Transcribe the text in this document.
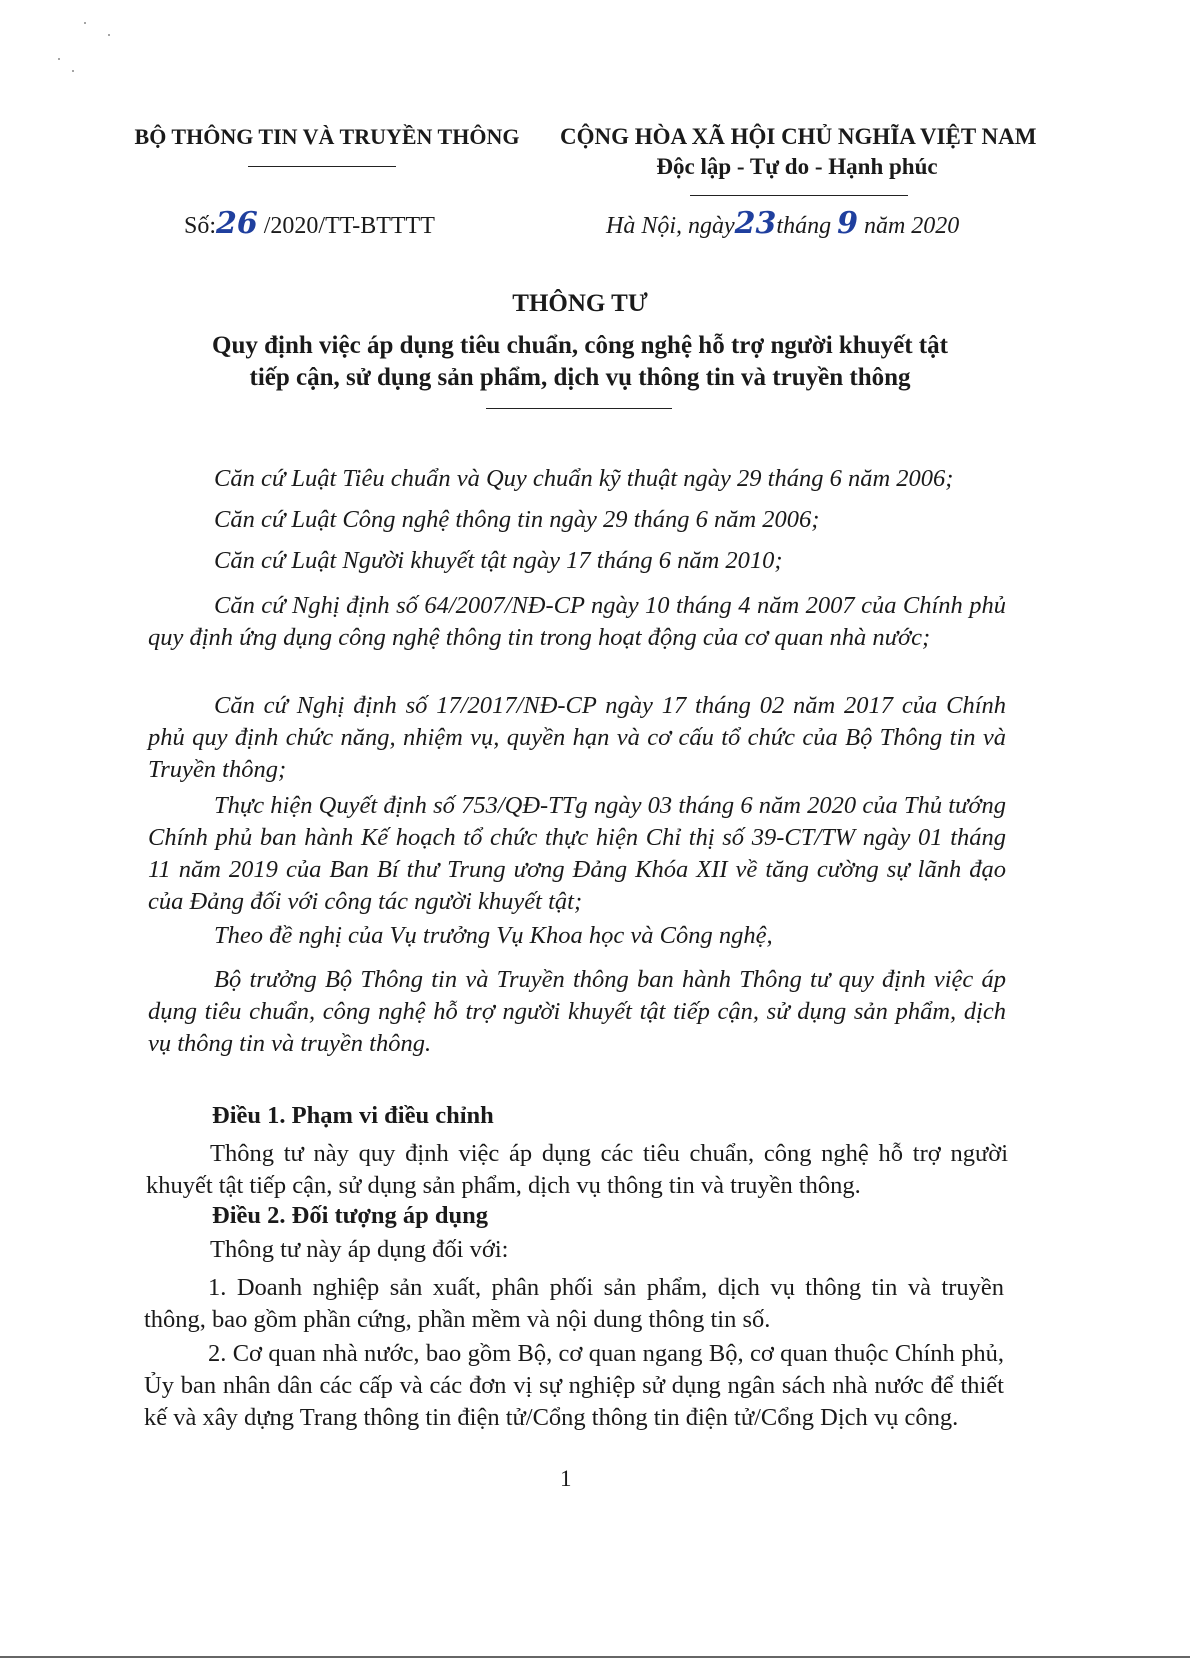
BỘ THÔNG TIN VÀ TRUYỀN THÔNG CỘNG HÒA XÃ HỘI CHỦ NGHĨA VIỆT NAM
Độc lập - Tự do - Hạnh phúc
Số:26 /2020/TT-BTTTT	Hà Nội, ngày23tháng 9 năm 2020
THÔNG TƯ
Quy định việc áp dụng tiêu chuẩn, công nghệ hỗ trợ người khuyết tật
tiếp cận, sử dụng sản phẩm, dịch vụ thông tin và truyền thông
Căn cứ Luật Tiêu chuẩn và Quy chuẩn kỹ thuật ngày 29 tháng 6 năm 2006;
Căn cứ Luật Công nghệ thông tin ngày 29 tháng 6 năm 2006;
Căn cứ Luật Người khuyết tật ngày 17 tháng 6 năm 2010;
Căn cứ Nghị định số 64/2007/NĐ-CP ngày 10 tháng 4 năm 2007 của Chính phủ quy định ứng dụng công nghệ thông tin trong hoạt động của cơ quan nhà nước;
Căn cứ Nghị định số 17/2017/NĐ-CP ngày 17 tháng 02 năm 2017 của Chính phủ quy định chức năng, nhiệm vụ, quyền hạn và cơ cấu tổ chức của Bộ Thông tin và Truyền thông;
Thực hiện Quyết định số 753/QĐ-TTg ngày 03 tháng 6 năm 2020 của Thủ tướng Chính phủ ban hành Kế hoạch tổ chức thực hiện Chỉ thị số 39-CT/TW ngày 01 tháng 11 năm 2019 của Ban Bí thư Trung ương Đảng Khóa XII về tăng cường sự lãnh đạo của Đảng đối với công tác người khuyết tật;
Theo đề nghị của Vụ trưởng Vụ Khoa học và Công nghệ,
Bộ trưởng Bộ Thông tin và Truyền thông ban hành Thông tư quy định việc áp dụng tiêu chuẩn, công nghệ hỗ trợ người khuyết tật tiếp cận, sử dụng sản phẩm, dịch vụ thông tin và truyền thông.
Điều 1. Phạm vi điều chỉnh
Thông tư này quy định việc áp dụng các tiêu chuẩn, công nghệ hỗ trợ người khuyết tật tiếp cận, sử dụng sản phẩm, dịch vụ thông tin và truyền thông.
Điều 2. Đối tượng áp dụng
Thông tư này áp dụng đối với:
1. Doanh nghiệp sản xuất, phân phối sản phẩm, dịch vụ thông tin và truyền thông, bao gồm phần cứng, phần mềm và nội dung thông tin số.
2. Cơ quan nhà nước, bao gồm Bộ, cơ quan ngang Bộ, cơ quan thuộc Chính phủ, Ủy ban nhân dân các cấp và các đơn vị sự nghiệp sử dụng ngân sách nhà nước để thiết kế và xây dựng Trang thông tin điện tử/Cổng thông tin điện tử/Cổng Dịch vụ công.
1
